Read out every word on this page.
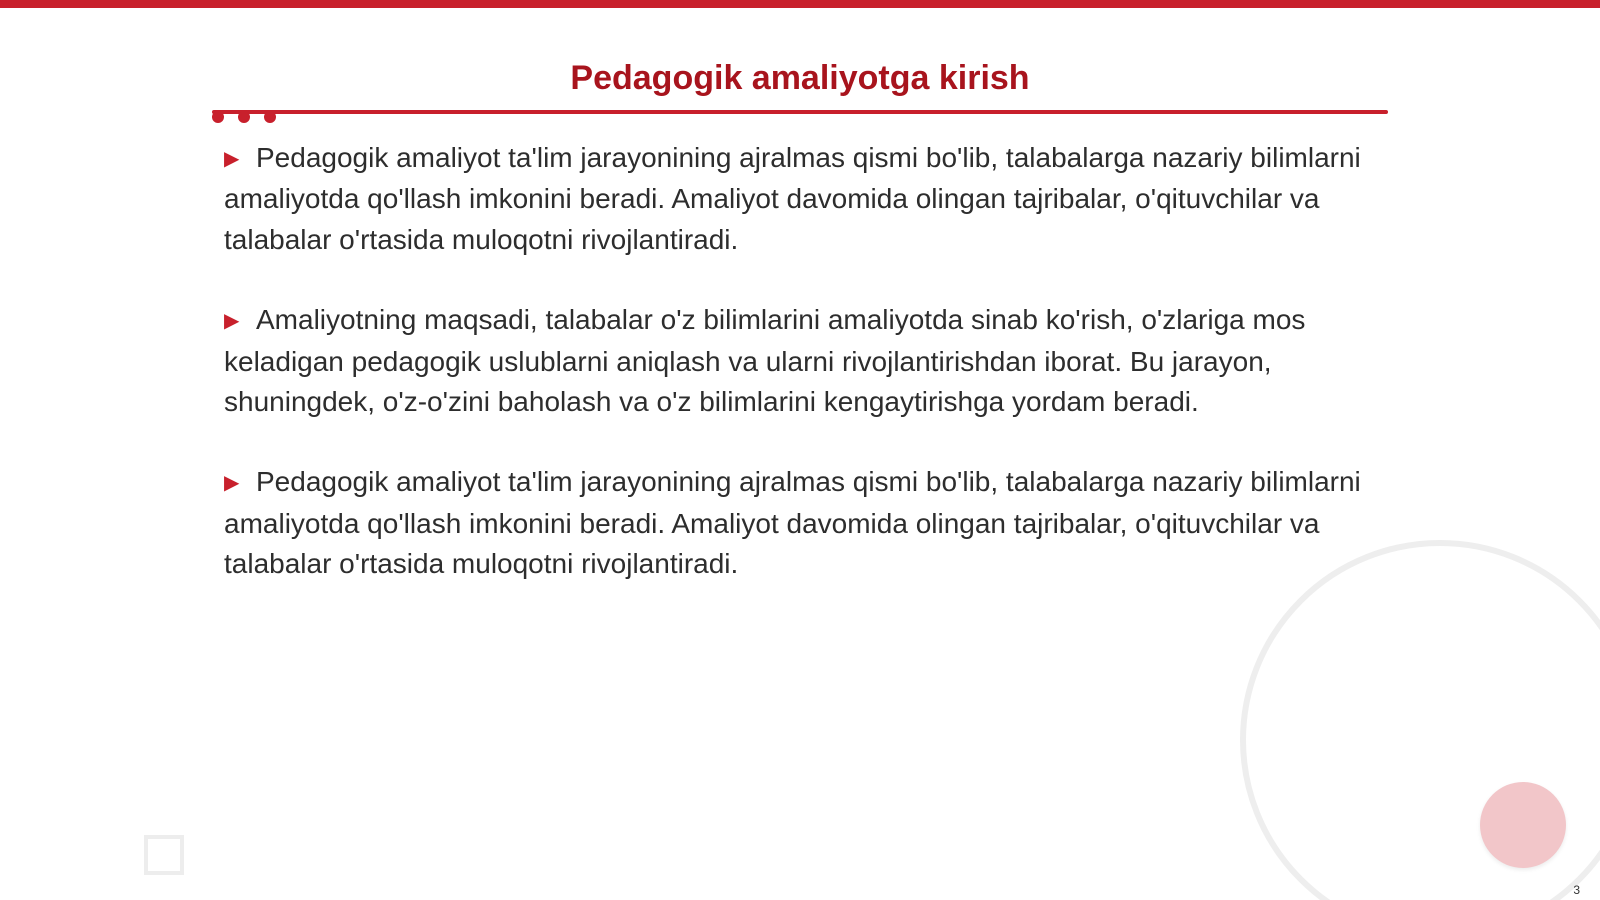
Pedagogik amaliyotga kirish

▶ Pedagogik amaliyot ta'lim jarayonining ajralmas qismi bo'lib, talabalarga nazariy bilimlarni amaliyotda qo'llash imkonini beradi. Amaliyot davomida olingan tajribalar, o'qituvchilar va talabalar o'rtasida muloqotni rivojlantiradi.

▶ Amaliyotning maqsadi, talabalar o'z bilimlarini amaliyotda sinab ko'rish, o'zlariga mos keladigan pedagogik uslublarni aniqlash va ularni rivojlantirishdan iborat. Bu jarayon, shuningdek, o'z-o'zini baholash va o'z bilimlarini kengaytirishga yordam beradi.

▶ Pedagogik amaliyot ta'lim jarayonining ajralmas qismi bo'lib, talabalarga nazariy bilimlarni amaliyotda qo'llash imkonini beradi. Amaliyot davomida olingan tajribalar, o'qituvchilar va talabalar o'rtasida muloqotni rivojlantiradi.

3
